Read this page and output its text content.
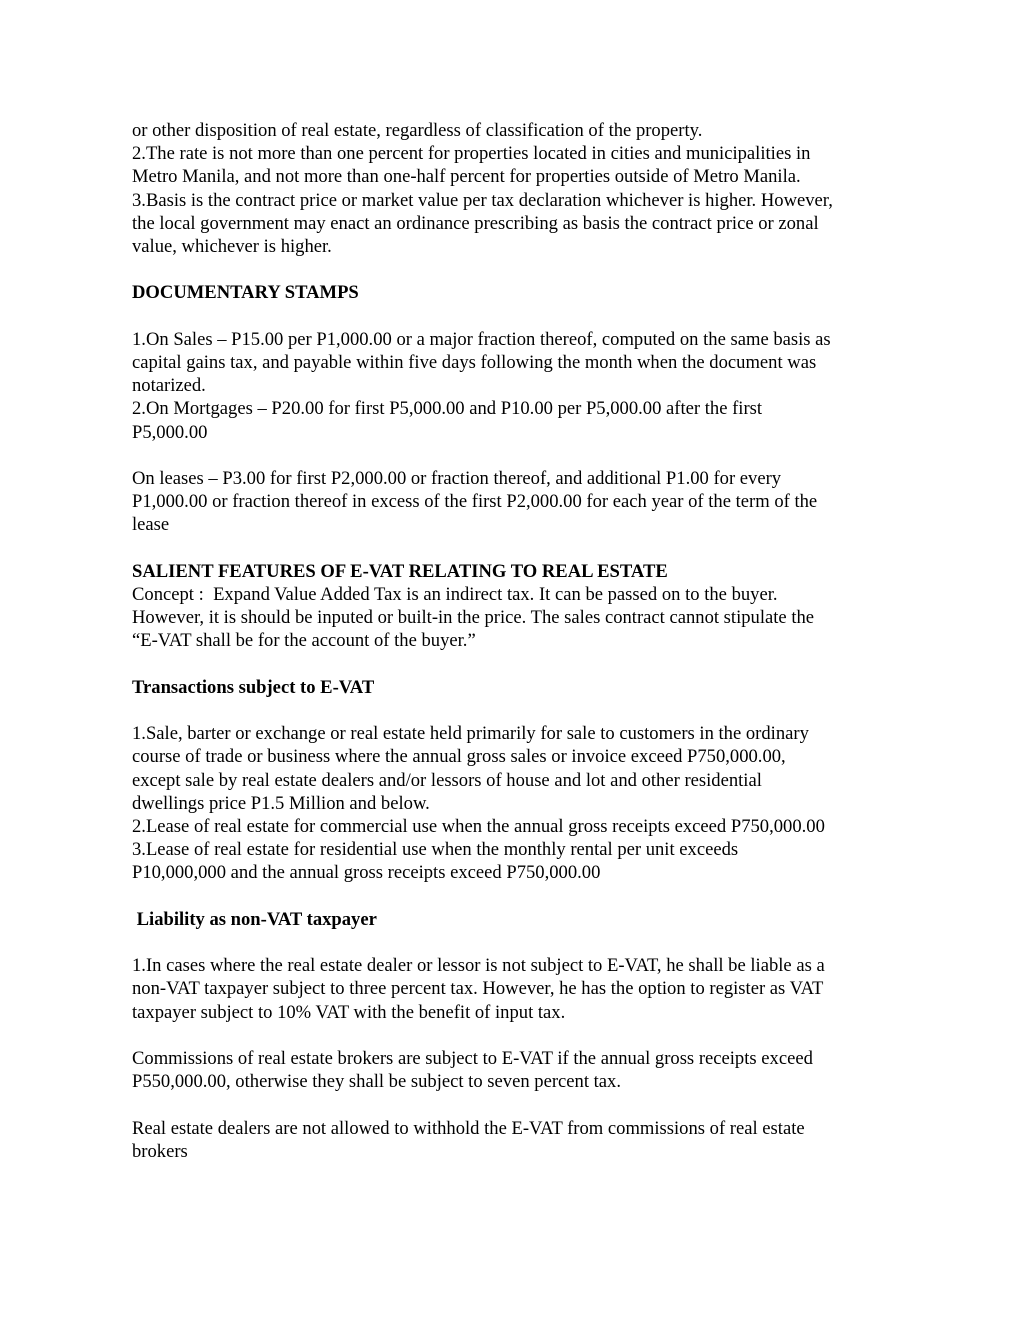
or other disposition of real estate, regardless of classification of the property.
2.The rate is not more than one percent for properties located in cities and municipalities in
Metro Manila, and not more than one-half percent for properties outside of Metro Manila.
3.Basis is the contract price or market value per tax declaration whichever is higher. However,
the local government may enact an ordinance prescribing as basis the contract price or zonal
value, whichever is higher.
DOCUMENTARY STAMPS
1.On Sales – P15.00 per P1,000.00 or a major fraction thereof, computed on the same basis as
capital gains tax, and payable within five days following the month when the document was
notarized.
2.On Mortgages – P20.00 for first P5,000.00 and P10.00 per P5,000.00 after the first
P5,000.00
On leases – P3.00 for first P2,000.00 or fraction thereof, and additional P1.00 for every
P1,000.00 or fraction thereof in excess of the first P2,000.00 for each year of the term of the
lease
SALIENT FEATURES OF E-VAT RELATING TO REAL ESTATE
Concept :  Expand Value Added Tax is an indirect tax. It can be passed on to the buyer.
However, it is should be inputed or built-in the price. The sales contract cannot stipulate the
“E-VAT shall be for the account of the buyer.”
Transactions subject to E-VAT
1.Sale, barter or exchange or real estate held primarily for sale to customers in the ordinary
course of trade or business where the annual gross sales or invoice exceed P750,000.00,
except sale by real estate dealers and/or lessors of house and lot and other residential
dwellings price P1.5 Million and below.
2.Lease of real estate for commercial use when the annual gross receipts exceed P750,000.00
3.Lease of real estate for residential use when the monthly rental per unit exceeds
P10,000,000 and the annual gross receipts exceed P750,000.00
Liability as non-VAT taxpayer
1.In cases where the real estate dealer or lessor is not subject to E-VAT, he shall be liable as a
non-VAT taxpayer subject to three percent tax. However, he has the option to register as VAT
taxpayer subject to 10% VAT with the benefit of input tax.
Commissions of real estate brokers are subject to E-VAT if the annual gross receipts exceed
P550,000.00, otherwise they shall be subject to seven percent tax.
Real estate dealers are not allowed to withhold the E-VAT from commissions of real estate
brokers
